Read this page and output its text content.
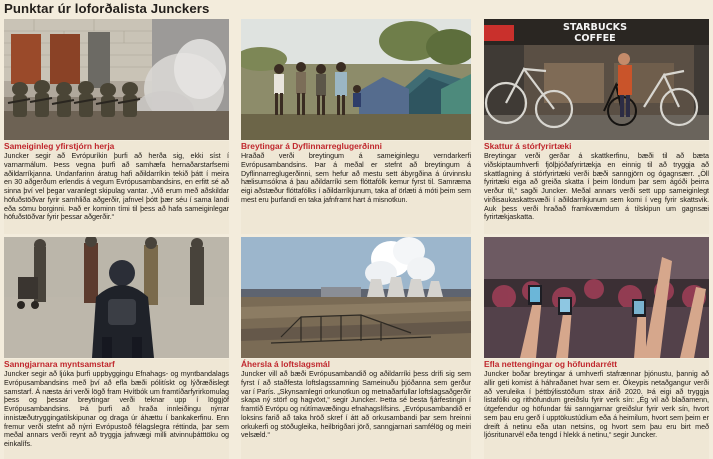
Punktar úr loforðalista Junckers
Sameiginleg yfirstjórn herja
Juncker segir að Evrópuríkin þurfi að herða sig, ekki síst í varnarmálum. Þess vegna þurfi að samhæfa hernaðarstarfsemi aðildarríkjanna. Undanfarinn áratug hafi aðildarríkin tekið þátt í meira en 30 aðgerðum erlendis á vegum Evrópusambandsins, en erfitt sé að sinna því vel þegar varanlegt skipulag vantar. „Við erum með aðskildar höfuðstöðvar fyrir samhliða aðgerðir, jafnvel þótt þær séu í sama landi eða sömu borginni. Það er kominn tími til þess að hafa sameiginlegar höfuðstöðvar fyrir þessar aðgerðir.“
Breytingar á Dyflinnarreglugerðinni
Hraðað verði breytingum á sameiginlegu verndarkerfi Evrópusambandsins. Þar á meðal er stefnt að breytingum á Dyflinnarreglugerðinni, sem hefur að mestu sett ábyrgðina á úrvinnslu hælisumsókna á þau aðildarríki sem flóttafólk kemur fyrst til. Samræma eigi aðstæður flóttafólks í aðildarríkjunum, taka af örlæti á móti þeim sem mest eru þurfandi en taka jafnframt hart á misnotkun.
STARBUCKS
COFFEE
Skattur á stórfyrirtæki
Breytingar verði gerðar á skattkerfinu, bæði til að bæta viðskiptaumhverfi fjölþjóðafyrirtækja en einnig til að tryggja að skattlagning á stórfyrirtæki verði bæði sanngjörn og ógagnsærr. „Öll fyrirtæki eiga að greiða skatta í þeim löndum þar sem ágóði þeirra verður til,“ sagði Juncker. Meðal annars verði sett upp sameiginlegt virðisaukaskattsvæði í aðildarríkjunum sem komi í veg fyrir skattsvik. Auk þess verði hraðað framkvæmdum á tilskipun um gagnsæi fyrirtækjaskatta.
Sanngjarnara myntsamstarf
Juncker segir að ljúka þurfi uppbyggingu Efnahags- og myntbandalags Evrópusambandsins með því að efla bæði pólitískt og lýðræðislegt samstarf. Á næsta ári verði lögð fram Hvítbók um framtíðarfyrirkomulag þess og þessar breytingar verði teknar upp í löggjöf Evrópusambandsins. Þá þurfi að hraða innleiðingu nýrrar innistæðutryggingatilskipunar og draga úr áhættu í bankakerfinu. Enn fremur verði stefnt að nýrri Evrópustoð félagslegra réttinda, þar sem meðal annars verði reynt að tryggja jafnvægi milli atvinnuþátttöku og einkalífs.
Áhersla á loftslagsmál
Juncker vill að bæði Evrópusambandið og aðildarríki þess drífi sig sem fyrst í að staðfesta loftslagssamning Sameinuðu þjóðanna sem gerður var í París. „Skynsamlegri orkunotkun og metnaðarfullar loftslagsaðgerðir skapa ný störf og hagvöxt,“ segir Juncker. Þetta sé besta fjárfestingin í framtíð Evrópu og nútímavæðingu efnahagslífsins. „Evrópusambandið er loksins farið að taka hröð skref í átt að orkusambandi þar sem hreinni orkukerfi og stöðugleika, heilbrigðari jörð, sanngjarnari samfélög og meiri velsæld.“
Efla nettengingar og höfundarrétt
Juncker boðar breytingar á umhverfi stafrænnar þjónustu, þannig að allir geti komist á háhraðanet hvar sem er. Ókeypis netaðgangur verði að veruleika í þéttbýlisstöðum strax árið 2020. Þá eigi að tryggja listafólki og rithöfundum greiðslu fyrir verk sín: „Ég vil að blaðamenn, útgefendur og höfundar fái sanngjarnar greiðslur fyrir verk sín, hvort sem þau eru gerð í upptökustúdíum eða á heimilum, hvort sem þeim er dreift á netinu eða utan netsins, og hvort sem þau eru birt með ljósritunarvél eða tengd í hlekk á netinu,“ segir Juncker.
